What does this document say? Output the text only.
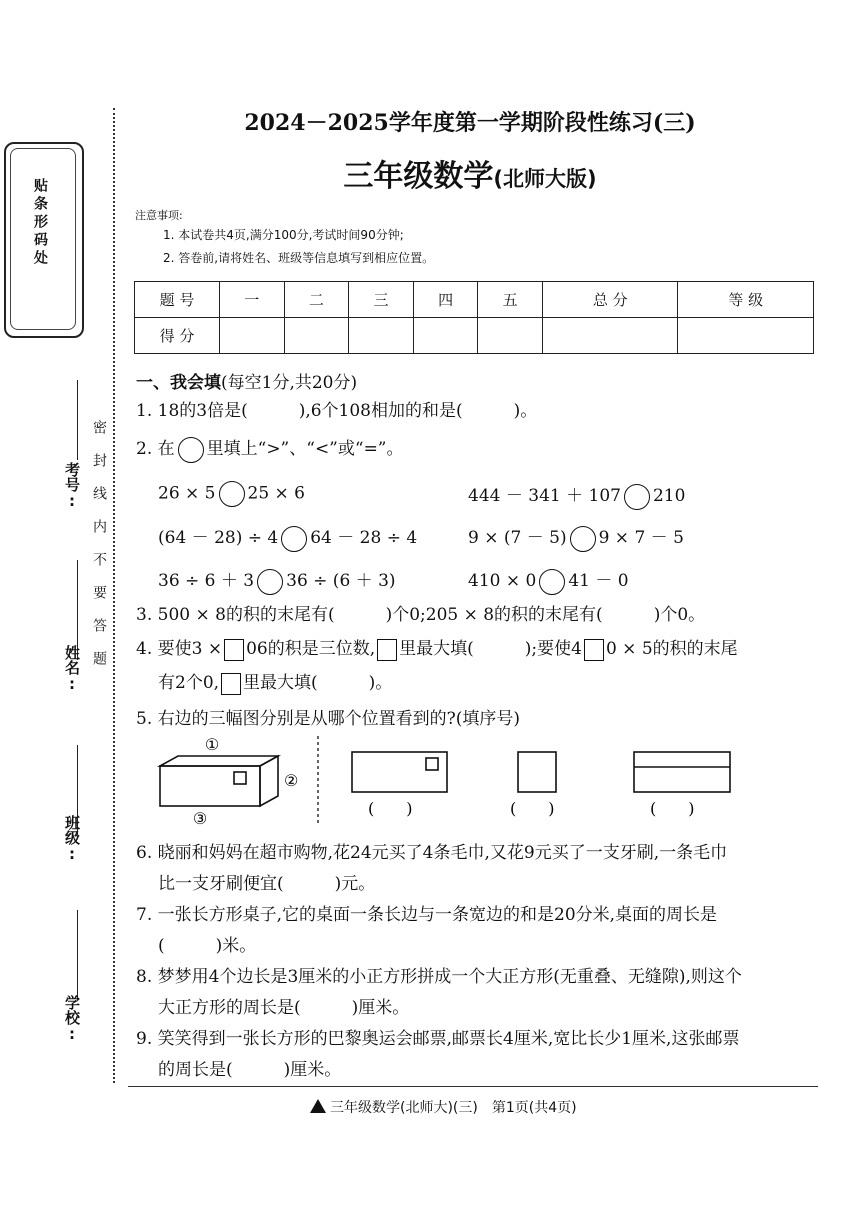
贴条形码处
考号:
姓名:
班级:
学校:
密封线内不要答题
2024－2025学年度第一学期阶段性练习(三)
三年级数学(北师大版)
注意事项:
1. 本试卷共4页,满分100分,考试时间90分钟;
2. 答卷前,请将姓名、班级等信息填写到相应位置。
题 号	一	二	三	四	五	总 分	等 级
得 分							
一、我会填(每空1分,共20分)
1. 18的3倍是(　　　),6个108相加的和是(　　　)。
2. 在 里填上“>”、“<”或“=”。
26 × 5 25 × 6	444 － 341 ＋ 107 210
(64 － 28) ÷ 4 64 － 28 ÷ 4	9 × (7 － 5) 9 × 7 － 5
36 ÷ 6 ＋ 3 36 ÷ (6 ＋ 3)	410 × 0 41 － 0
3. 500 × 8的积的末尾有(　　　)个0;205 × 8的积的末尾有(　　　)个0。
4. 要使3 × 06的积是三位数, 里最大填(　　　);要使4 0 × 5的积的末尾
有2个0, 里最大填(　　　)。
5. 右边的三幅图分别是从哪个位置看到的?(填序号)
①
②
③
(　　)	(　　)	(　　)
6. 晓丽和妈妈在超市购物,花24元买了4条毛巾,又花9元买了一支牙刷,一条毛巾
比一支牙刷便宜(　　　)元。
7. 一张长方形桌子,它的桌面一条长边与一条宽边的和是20分米,桌面的周长是
(　　　)米。
8. 梦梦用4个边长是3厘米的小正方形拼成一个大正方形(无重叠、无缝隙),则这个
大正方形的周长是(　　　)厘米。
9. 笑笑得到一张长方形的巴黎奥运会邮票,邮票长4厘米,宽比长少1厘米,这张邮票
的周长是(　　　)厘米。
三年级数学(北师大)(三)　第1页(共4页)
